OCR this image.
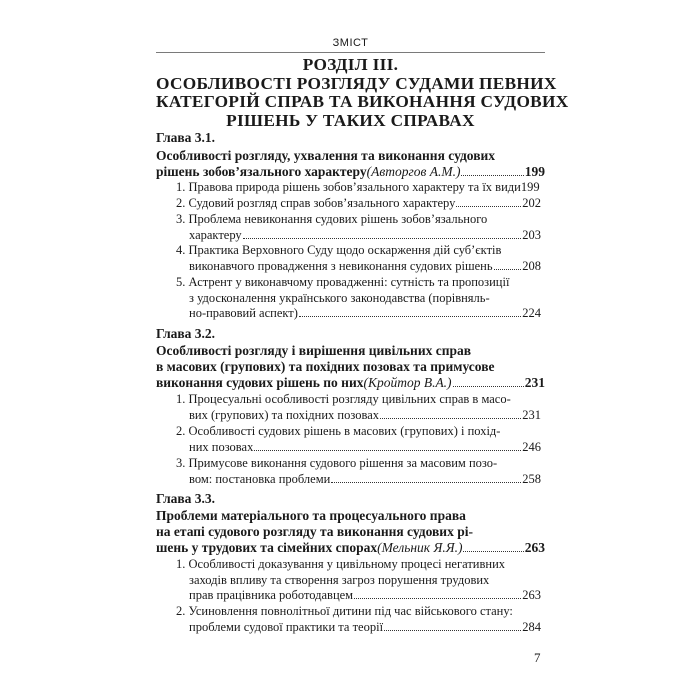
ЗМІСТ
РОЗДІЛ ІІІ.
ОСОБЛИВОСТІ РОЗГЛЯДУ СУДАМИ ПЕВНИХ
КАТЕГОРІЙ СПРАВ ТА ВИКОНАННЯ СУДОВИХ
РІШЕНЬ У ТАКИХ СПРАВАХ
Глава 3.1.
Особливості розгляду, ухвалення та виконання судових
рішень зобов’язального характеру (Авторгов А.М.)	199
1. Правова природа рішень зобов’язального характеру та їх види 199
2. Судовий розгляд справ зобов’язального характеру	202
3. Проблема невиконання судових рішень зобов’язального
характеру	203
4. Практика Верховного Суду щодо оскарження дій суб’єктів
виконавчого провадження з невиконання судових рішень 208
5. Астрент у виконавчому провадженні: сутність та пропозиції
з удосконалення українського законодавства (порівняль-
но-правовий аспект)	224
Глава 3.2.
Особливості розгляду і вирішення цивільних справ
в масових (групових) та похідних позовах та примусове
виконання судових рішень по них (Кройтор В.А.)	231
1. Процесуальні особливості розгляду цивільних справ в масо-
вих (групових) та похідних позовах	231
2. Особливості судових рішень в масових (групових) і похід-
них позовах	246
3. Примусове виконання судового рішення за масовим позо-
вом: постановка проблеми	258
Глава 3.3.
Проблеми матеріального та процесуального права
на етапі судового розгляду та виконання судових рі-
шень у трудових та сімейних спорах (Мельник Я.Я.)	263
1. Особливості доказування у цивільному процесі негативних
заходів впливу та створення загроз порушення трудових
прав працівника роботодавцем	263
2. Усиновлення повнолітньої дитини під час військового стану:
проблеми судової практики та теорії	284
7
